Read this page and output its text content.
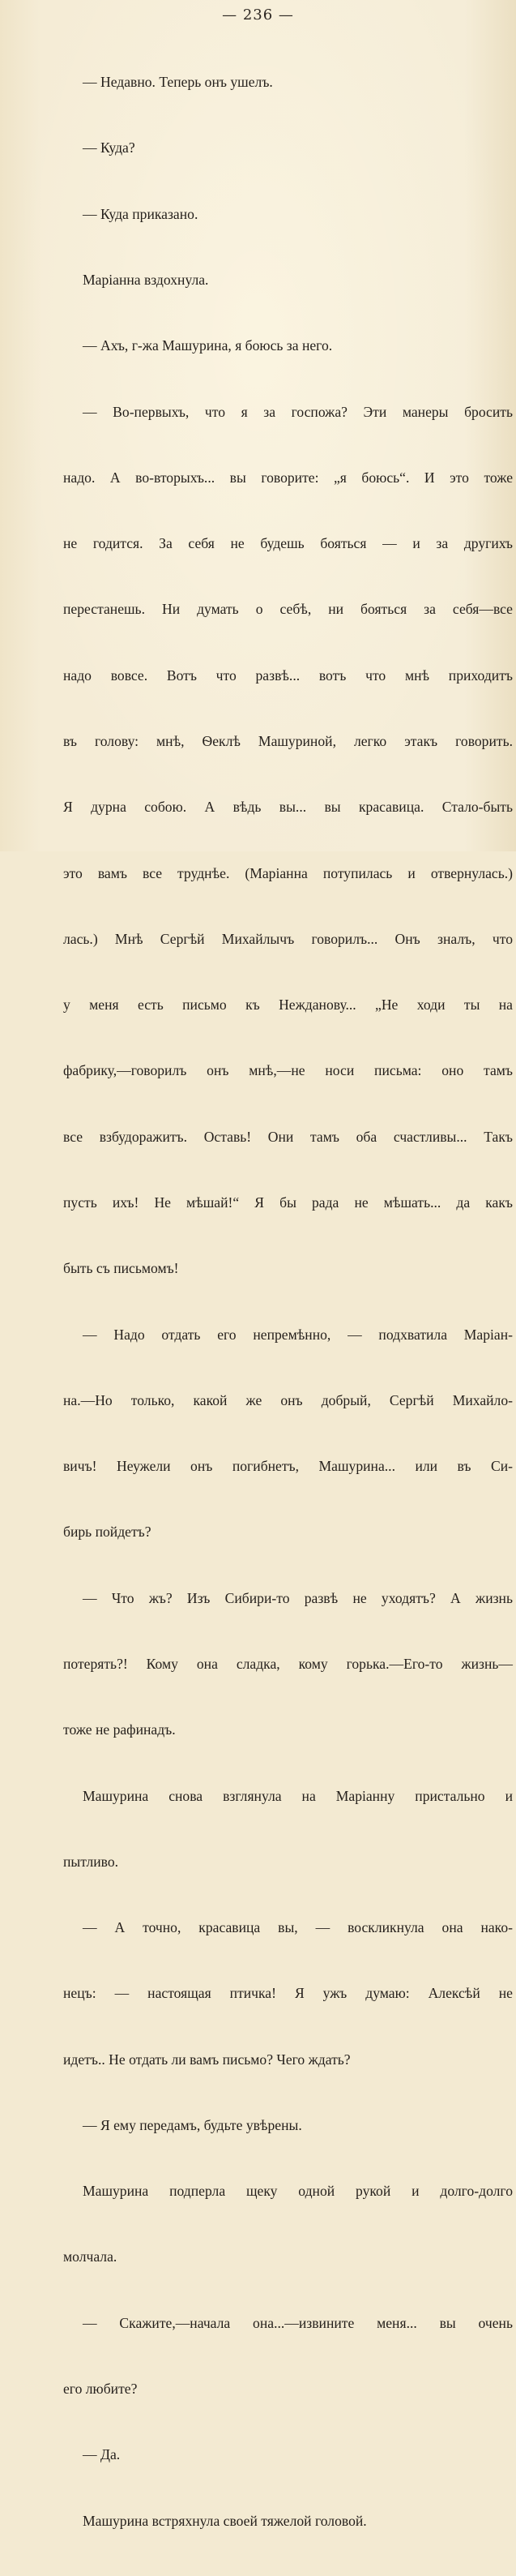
— 236 —

— Недавно. Теперь онъ ушелъ.

— Куда?

— Куда приказано.

Маріанна вздохнула.

— Ахъ, г-жа Машурина, я боюсь за него.

— Во-первыхъ, что я за госпожа? Эти манеры бросить

надо. А во-вторыхъ... вы говорите: „я боюсь“. И это тоже

не годится. За себя не будешь бояться — и за другихъ

перестанешь. Ни думать о себѣ, ни бояться за себя—все

надо вовсе. Вотъ что развѣ... вотъ что мнѣ приходитъ

въ голову: мнѣ, Ѳеклѣ Машуриной, легко этакъ говорить.

Я дурна собою. А вѣдь вы... вы красавица. Стало-быть

это вамъ все труднѣе. (Маріанна потупилась и отвернулась.)

лась.) Мнѣ Сергѣй Михайлычъ говорилъ... Онъ зналъ, что

у меня есть письмо къ Нежданову... „Не ходи ты на

фабрику,—говорилъ онъ мнѣ,—не носи письма: оно тамъ

все взбудоражитъ. Оставь! Они тамъ оба счастливы... Такъ

пусть ихъ! Не мѣшай!“ Я бы рада не мѣшать... да какъ

быть съ письмомъ!

— Надо отдать его непремѣнно, — подхватила Маріан-

на.—Но только, какой же онъ добрый, Сергѣй Михайло-

вичъ! Неужели онъ погибнетъ, Машурина... или въ Си-

бирь пойдетъ?

— Что жъ? Изъ Сибири-то развѣ не уходятъ? А жизнь

потерять?! Кому она сладка, кому горька.—Его-то жизнь—

тоже не рафинадъ.

Машурина снова взглянула на Маріанну пристально и

пытливо.

— А точно, красавица вы, — воскликнула она нако-

нецъ: — настоящая птичка! Я ужъ думаю: Алексѣй не

идетъ.. Не отдать ли вамъ письмо? Чего ждать?

— Я ему передамъ, будьте увѣрены.

Машурина подперла щеку одной рукой и долго-долго

молчала.

— Скажите,—начала она...—извините меня... вы очень

его любите?

— Да.

Машурина встряхнула своей тяжелой головой.
